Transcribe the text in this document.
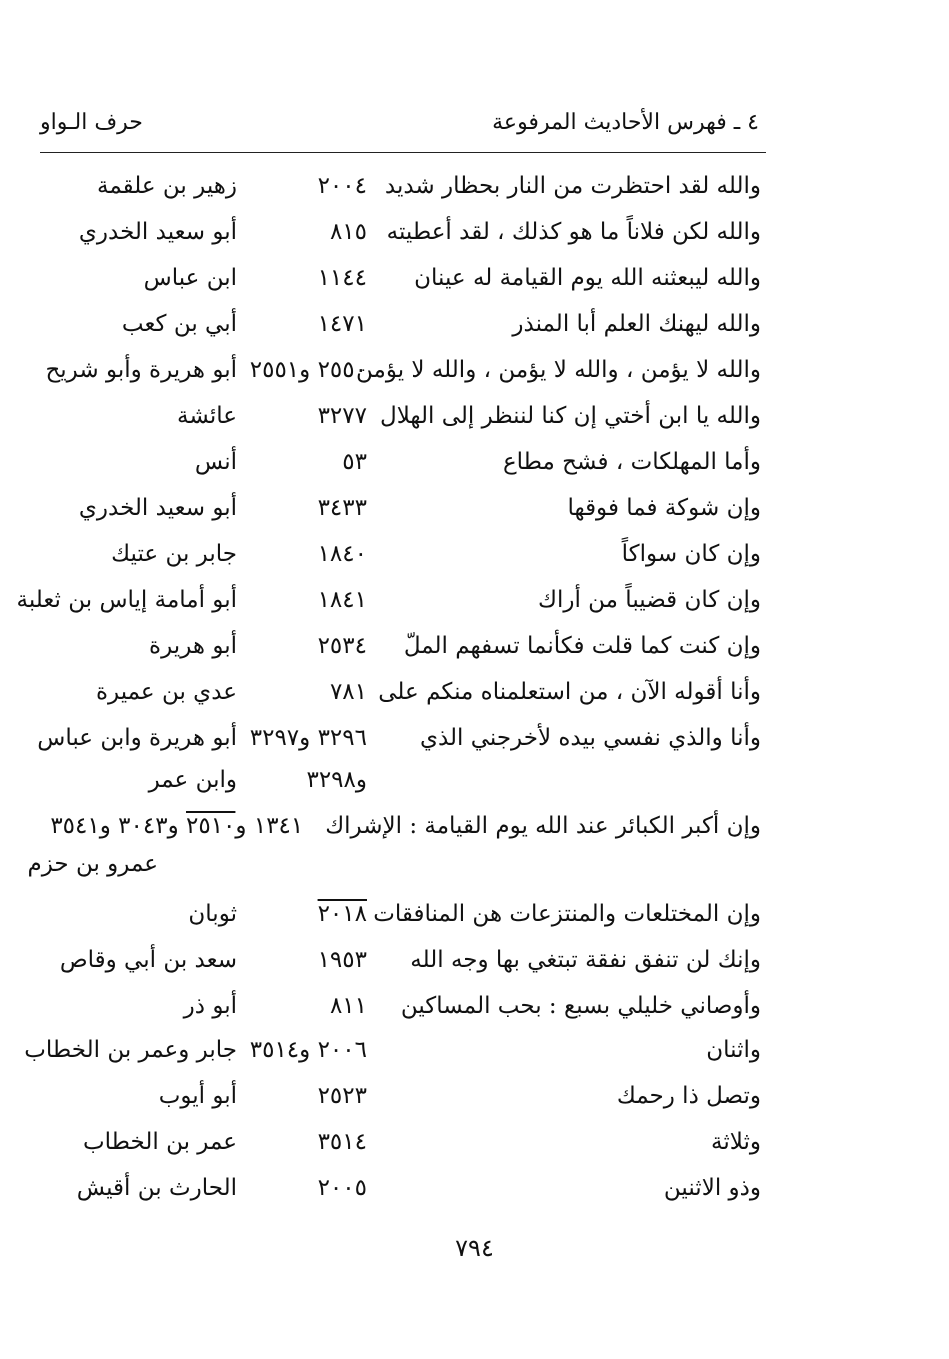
٤ ـ فهرس الأحاديث المرفوعة
حرف الـواو
والله لقد احتظرت من النار بحظار شديد
٢٠٠٤
زهير بن علقمة
والله لكن فلاناً ما هو كذلك ، لقد أعطيته
٨١٥
أبو سعيد الخدري
والله ليبعثنه الله يوم القيامة له عينان
١١٤٤
ابن عباس
والله ليهنك العلم أبا المنذر
١٤٧١
أبي بن كعب
والله لا يؤمن ، والله لا يؤمن ، والله لا يؤمن
٢٥٥٠ و٢٥٥١
أبو هريرة وأبو شريح
والله يا ابن أختي إن كنا لننظر إلى الهلال
٣٢٧٧
عائشة
وأما المهلكات ، فشح مطاع
٥٣
أنس
وإن شوكة فما فوقها
٣٤٣٣
أبو سعيد الخدري
وإن كان سواكاً
١٨٤٠
جابر بن عتيك
وإن كان قضيباً من أراك
١٨٤١
أبو أمامة إياس بن ثعلبة
وإن كنت كما قلت فكأنما تسفهم الملّ
٢٥٣٤
أبو هريرة
وأنا أقوله الآن ، من استعلمناه منكم على
٧٨١
عدي بن عميرة
وأنا والذي نفسي بيده لأخرجني الذي
٣٢٩٦ و٣٢٩٧
أبو هريرة وابن عباس
و٣٢٩٨
وابن عمر
وإن أكبر الكبائر عند الله يوم القيامة : الإشراك   ١٣٤١ و٢٥١٠ و٣٠٤٣ و٣٥٤١
عمرو بن حزم
وإن المختلعات والمنتزعات هن المنافقات
٢٠١٨
ثوبان
وإنك لن تنفق نفقة تبتغي بها وجه الله
١٩٥٣
سعد بن أبي وقاص
وأوصاني خليلي بسبع : بحب المساكين
٨١١
أبو ذر
واثنان
٢٠٠٦ و٣٥١٤
جابر وعمر بن الخطاب
وتصل ذا رحمك
٢٥٢٣
أبو أيوب
وثلاثة
٣٥١٤
عمر بن الخطاب
وذو الاثنين
٢٠٠٥
الحارث بن أقيش
٧٩٤
